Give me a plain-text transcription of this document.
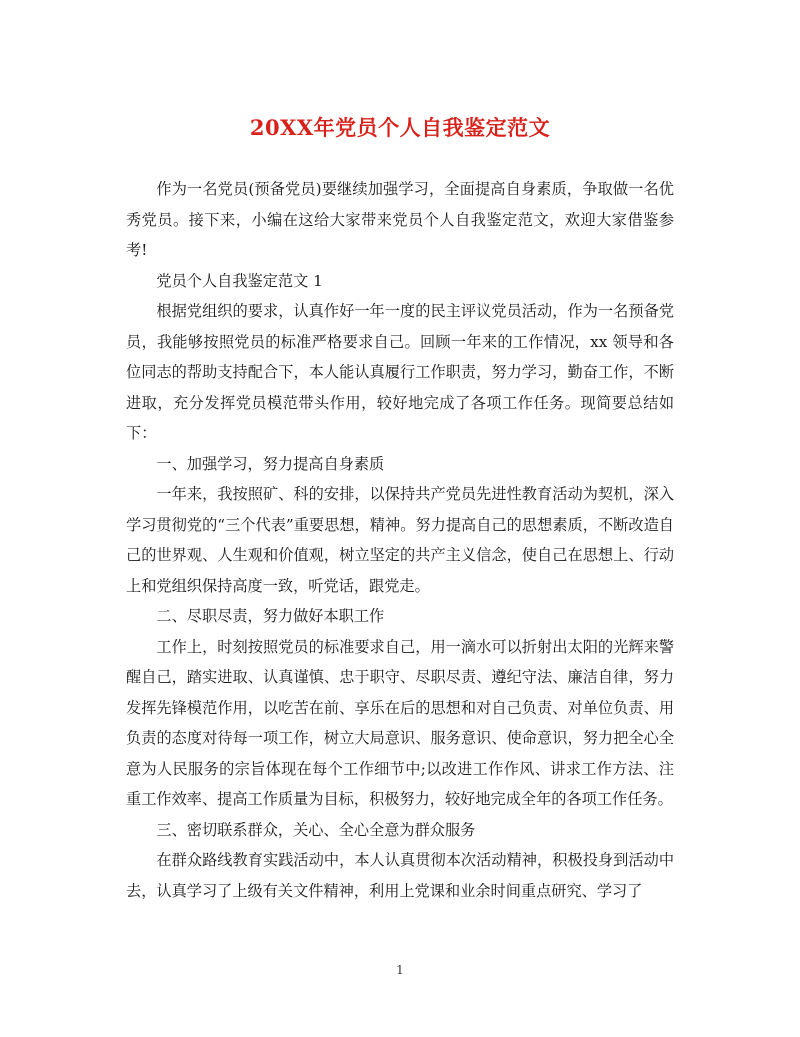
20XX年党员个人自我鉴定范文

作为一名党员(预备党员)要继续加强学习，全面提高自身素质，争取做一名优秀党员。接下来，小编在这给大家带来党员个人自我鉴定范文，欢迎大家借鉴参考!

党员个人自我鉴定范文 1

根据党组织的要求，认真作好一年一度的民主评议党员活动，作为一名预备党员，我能够按照党员的标准严格要求自己。回顾一年来的工作情况，xx 领导和各位同志的帮助支持配合下，本人能认真履行工作职责，努力学习，勤奋工作，不断进取，充分发挥党员模范带头作用，较好地完成了各项工作任务。现简要总结如下：

一、加强学习，努力提高自身素质

一年来，我按照矿、科的安排，以保持共产党员先进性教育活动为契机，深入学习贯彻党的“三个代表”重要思想，精神。努力提高自己的思想素质，不断改造自己的世界观、人生观和价值观，树立坚定的共产主义信念，使自己在思想上、行动上和党组织保持高度一致，听党话，跟党走。

二、尽职尽责，努力做好本职工作

工作上，时刻按照党员的标准要求自己，用一滴水可以折射出太阳的光辉来警醒自己，踏实进取、认真谨慎、忠于职守、尽职尽责、遵纪守法、廉洁自律，努力发挥先锋模范作用，以吃苦在前、享乐在后的思想和对自己负责、对单位负责、用负责的态度对待每一项工作，树立大局意识、服务意识、使命意识，努力把全心全意为人民服务的宗旨体现在每个工作细节中;以改进工作作风、讲求工作方法、注重工作效率、提高工作质量为目标，积极努力，较好地完成全年的各项工作任务。

三、密切联系群众，关心、全心全意为群众服务

在群众路线教育实践活动中，本人认真贯彻本次活动精神，积极投身到活动中去，认真学习了上级有关文件精神，利用上党课和业余时间重点研究、学习了

1
